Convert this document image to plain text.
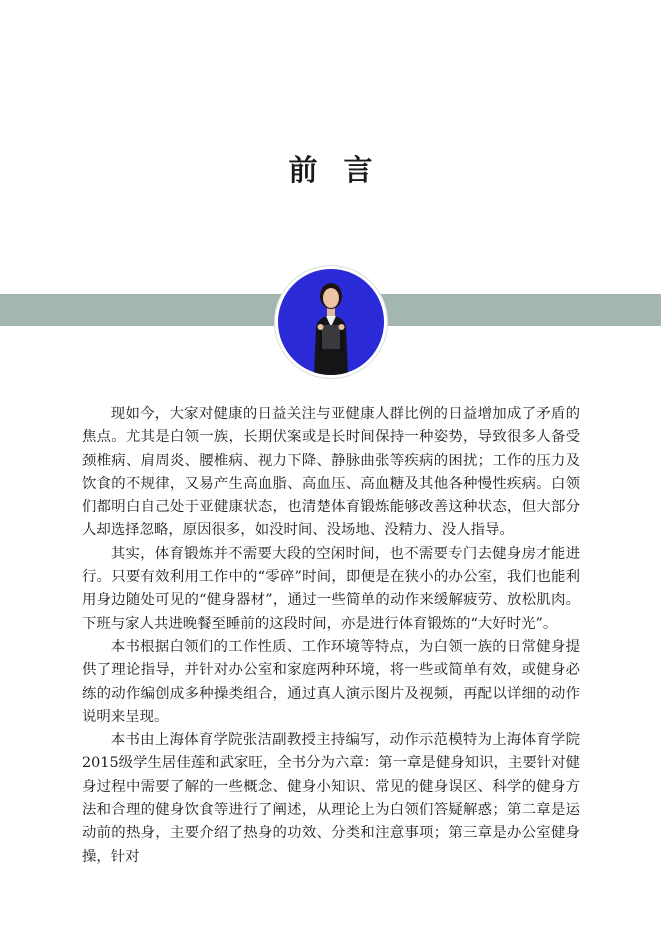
前言

现如今，大家对健康的日益关注与亚健康人群比例的日益增加成了矛盾的焦点。尤其是白领一族，长期伏案或是长时间保持一种姿势，导致很多人备受颈椎病、肩周炎、腰椎病、视力下降、静脉曲张等疾病的困扰；工作的压力及饮食的不规律，又易产生高血脂、高血压、高血糖及其他各种慢性疾病。白领们都明白自己处于亚健康状态，也清楚体育锻炼能够改善这种状态，但大部分人却选择忽略，原因很多，如没时间、没场地、没精力、没人指导。

其实，体育锻炼并不需要大段的空闲时间，也不需要专门去健身房才能进行。只要有效利用工作中的“零碎”时间，即便是在狭小的办公室，我们也能利用身边随处可见的“健身器材”，通过一些简单的动作来缓解疲劳、放松肌肉。下班与家人共进晚餐至睡前的这段时间，亦是进行体育锻炼的“大好时光”。

本书根据白领们的工作性质、工作环境等特点，为白领一族的日常健身提供了理论指导，并针对办公室和家庭两种环境，将一些或简单有效，或健身必练的动作编创成多种操类组合，通过真人演示图片及视频，再配以详细的动作说明来呈现。

本书由上海体育学院张洁副教授主持编写，动作示范模特为上海体育学院2015级学生居佳莲和武家旺，全书分为六章：第一章是健身知识，主要针对健身过程中需要了解的一些概念、健身小知识、常见的健身误区、科学的健身方法和合理的健身饮食等进行了阐述，从理论上为白领们答疑解惑；第二章是运动前的热身，主要介绍了热身的功效、分类和注意事项；第三章是办公室健身操，针对
